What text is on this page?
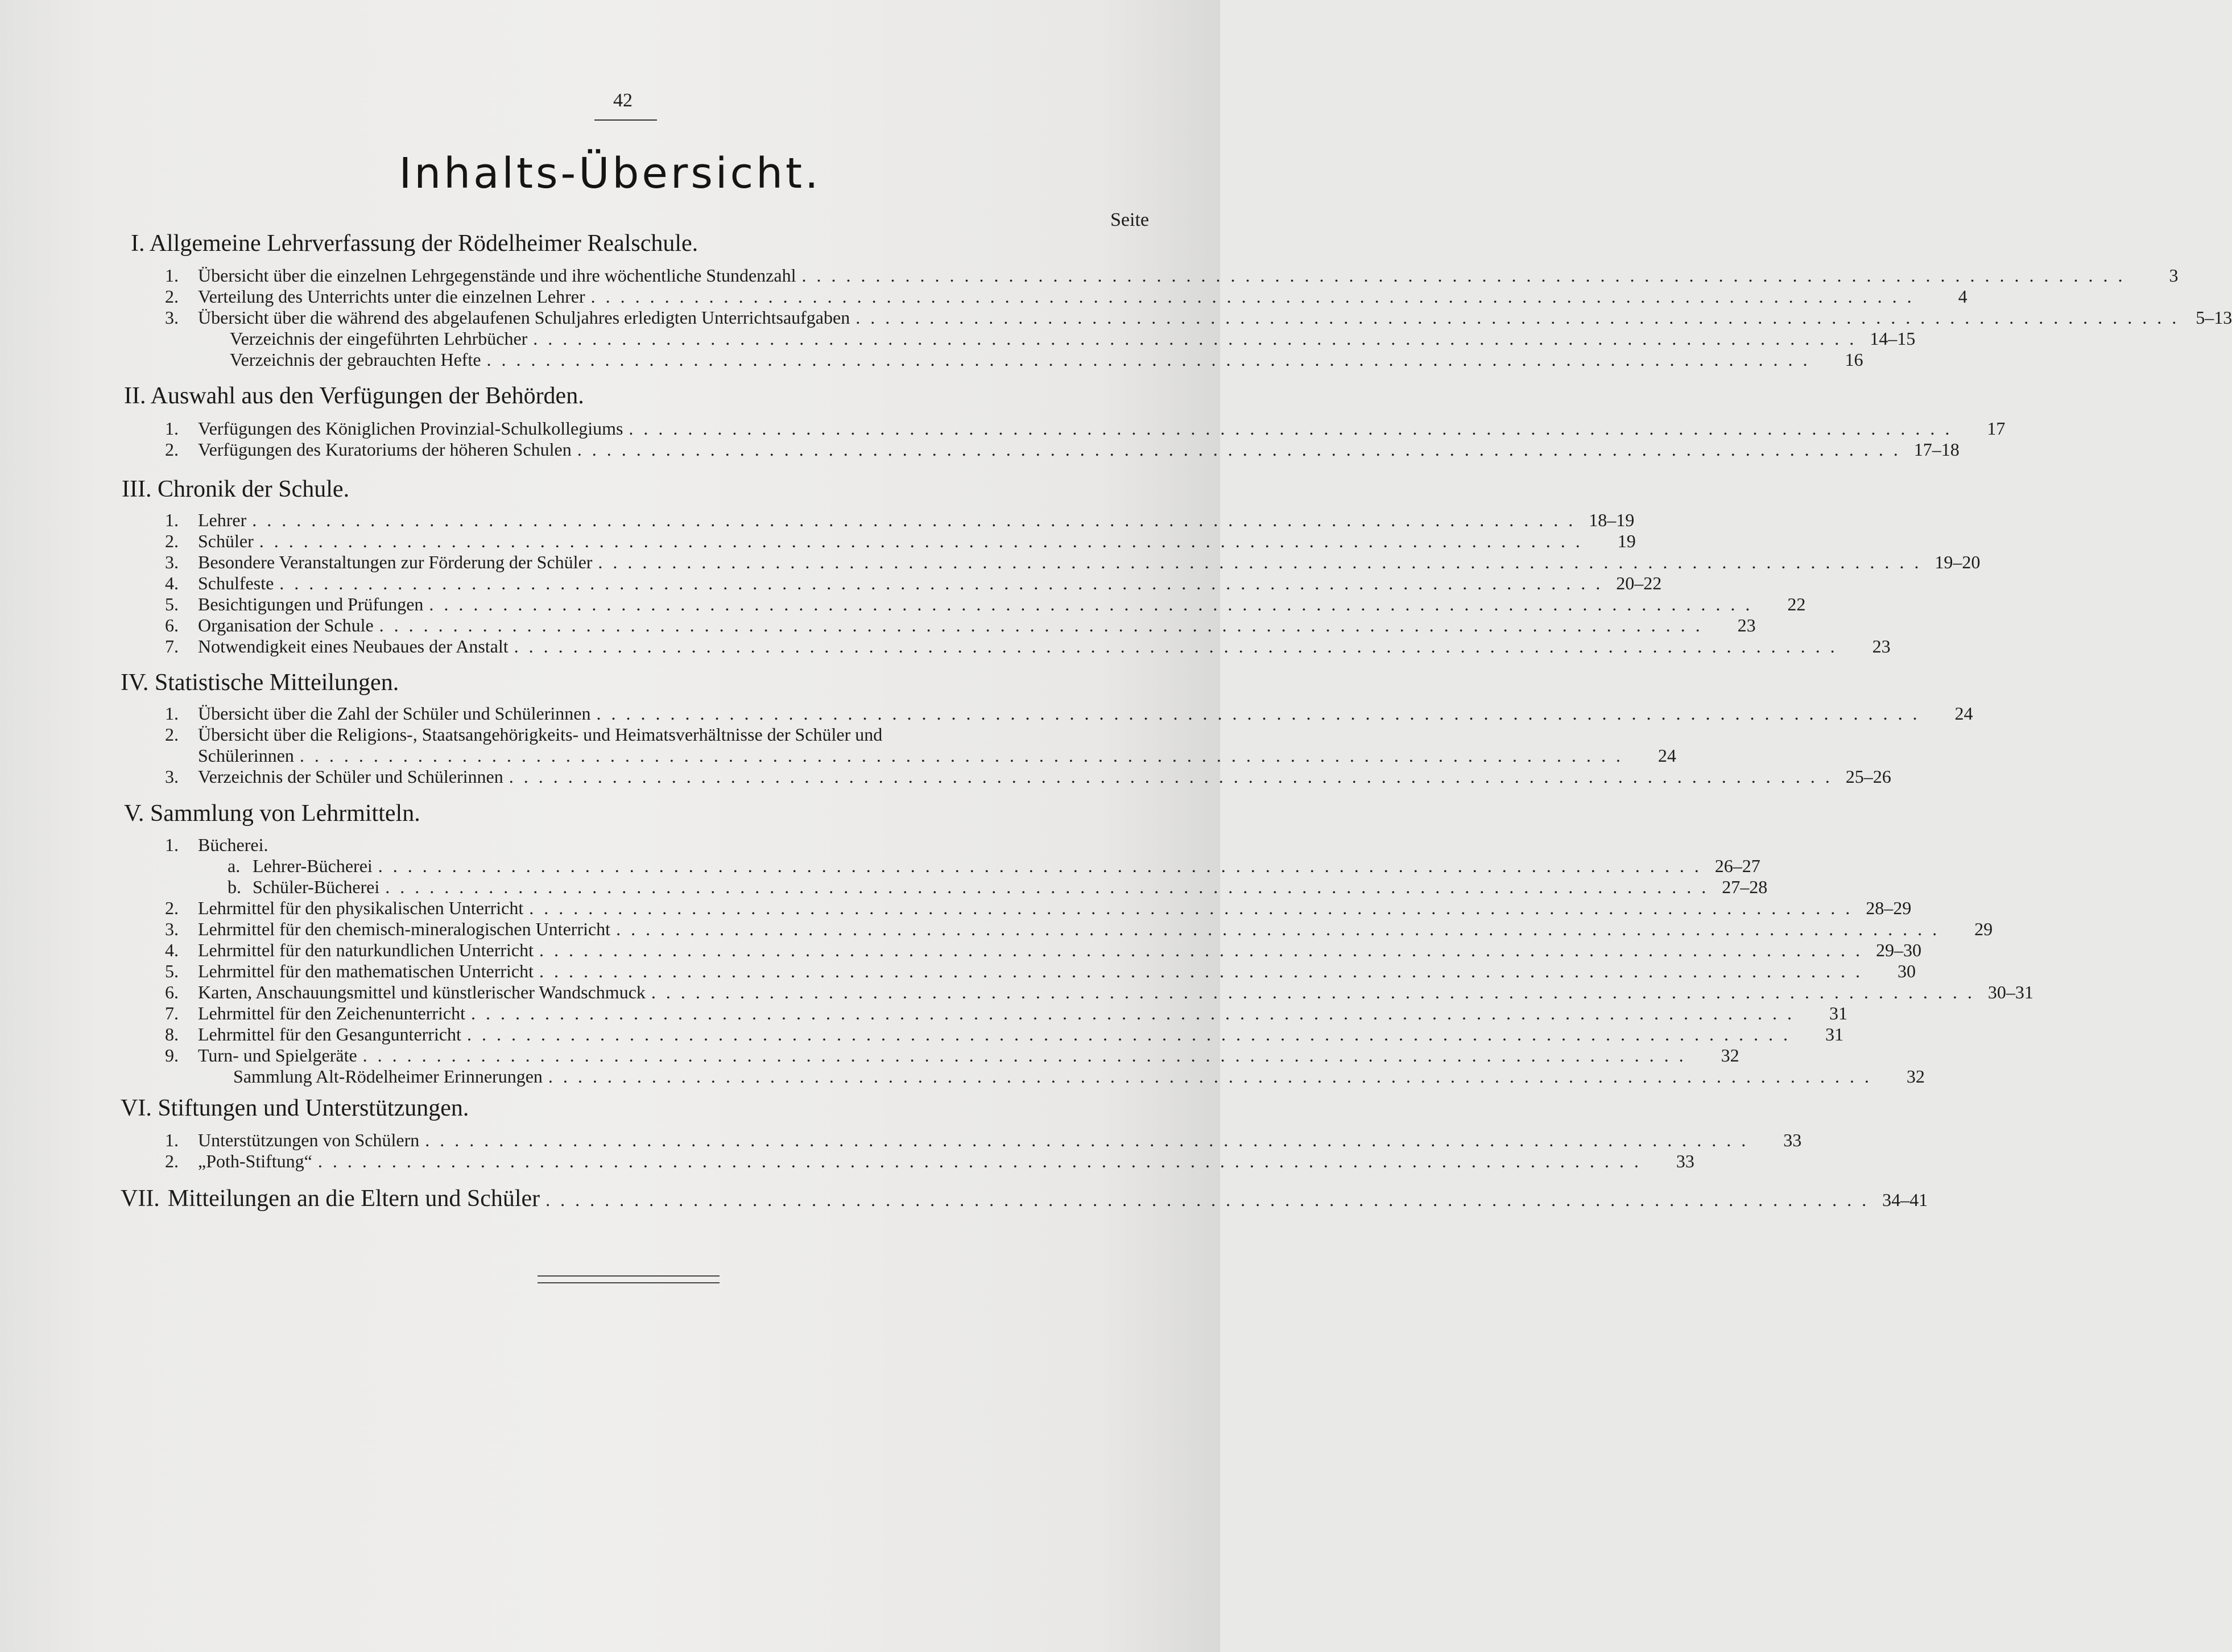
42
Inhalts-Übersicht.
Seite
I. Allgemeine Lehrverfassung der Rödelheimer Realschule.
1.	Übersicht über die einzelnen Lehrgegenstände und ihre wöchentliche Stundenzahl ..........................................................................................	3
2.	Verteilung des Unterrichts unter die einzelnen Lehrer ..........................................................................................	4
3.	Übersicht über die während des abgelaufenen Schuljahres erledigten Unterrichtsaufgaben .......................................................................................... 5–13
Verzeichnis der eingeführten Lehrbücher .......................................................................................... 14–15
Verzeichnis der gebrauchten Hefte ..........................................................................................	16
II. Auswahl aus den Verfügungen der Behörden.
1.	Verfügungen des Königlichen Provinzial-Schulkollegiums ..........................................................................................	17
2.	Verfügungen des Kuratoriums der höheren Schulen .......................................................................................... 17–18
III. Chronik der Schule.
1.	Lehrer .......................................................................................... 18–19
2.	Schüler ..........................................................................................	19
3.	Besondere Veranstaltungen zur Förderung der Schüler .......................................................................................... 19–20
4.	Schulfeste .......................................................................................... 20–22
5.	Besichtigungen und Prüfungen ..........................................................................................	22
6.	Organisation der Schule ..........................................................................................	23
7.	Notwendigkeit eines Neubaues der Anstalt ..........................................................................................	23
IV. Statistische Mitteilungen.
1.	Übersicht über die Zahl der Schüler und Schülerinnen ..........................................................................................	24
2.	Übersicht über die Religions-, Staatsangehörigkeits- und Heimatsverhältnisse der Schüler und
Schülerinnen ..........................................................................................	24
3.	Verzeichnis der Schüler und Schülerinnen .......................................................................................... 25–26
V. Sammlung von Lehrmitteln.
1.	Bücherei.
a. Lehrer-Bücherei .......................................................................................... 26–27
b. Schüler-Bücherei .......................................................................................... 27–28
2.	Lehrmittel für den physikalischen Unterricht .......................................................................................... 28–29
3.	Lehrmittel für den chemisch-mineralogischen Unterricht ..........................................................................................	29
4.	Lehrmittel für den naturkundlichen Unterricht .......................................................................................... 29–30
5.	Lehrmittel für den mathematischen Unterricht ..........................................................................................	30
6.	Karten, Anschauungsmittel und künstlerischer Wandschmuck .......................................................................................... 30–31
7.	Lehrmittel für den Zeichenunterricht ..........................................................................................	31
8.	Lehrmittel für den Gesangunterricht ..........................................................................................	31
9.	Turn- und Spielgeräte ..........................................................................................	32
Sammlung Alt-Rödelheimer Erinnerungen ..........................................................................................	32
VI. Stiftungen und Unterstützungen.
1.	Unterstützungen von Schülern ..........................................................................................	33
2.	„Poth-Stiftung“ ..........................................................................................	33
VII. Mitteilungen an die Eltern und Schüler .......................................................................................... 34–41
